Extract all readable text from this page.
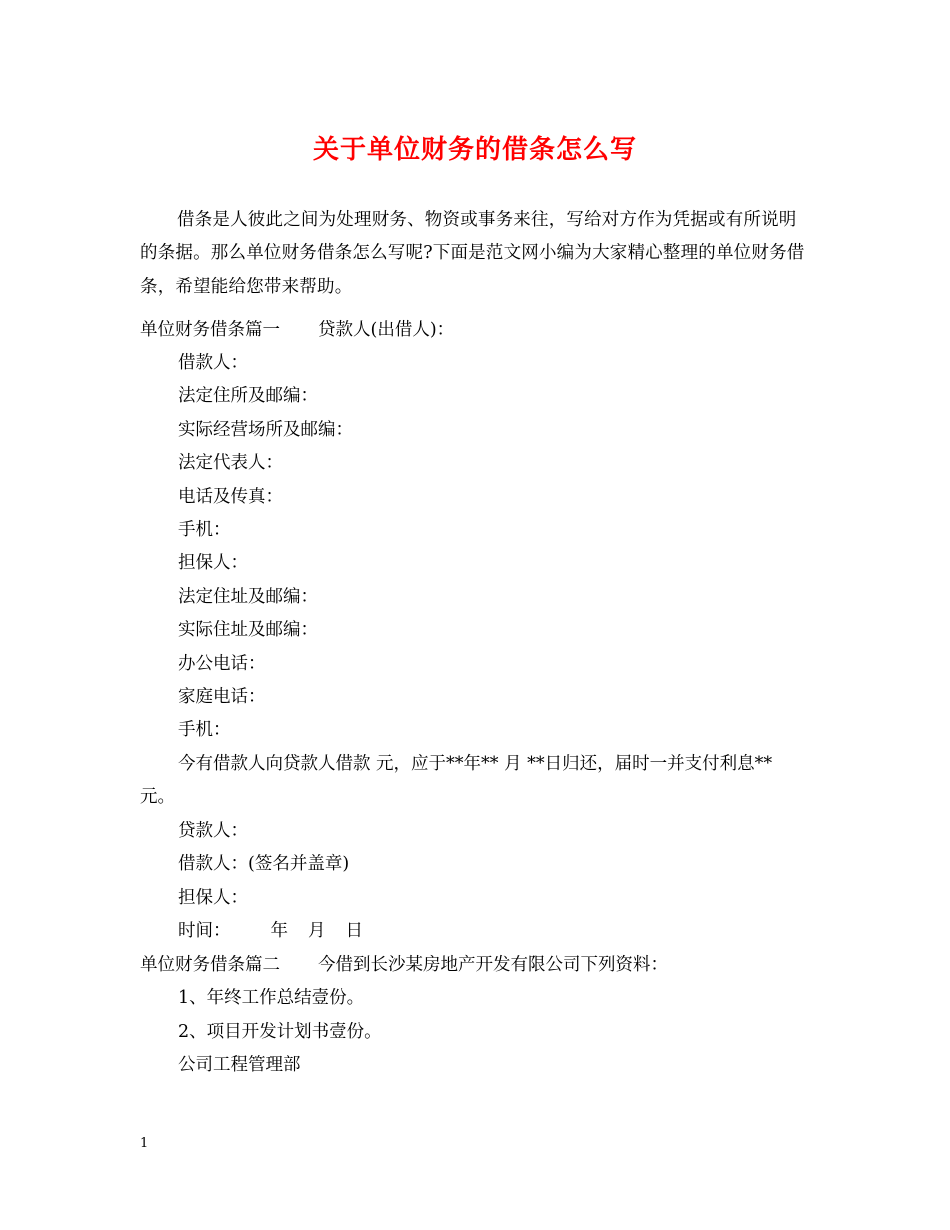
关于单位财务的借条怎么写

借条是人彼此之间为处理财务、物资或事务来往，写给对方作为凭据或有所说明的条据。那么单位财务借条怎么写呢?下面是范文网小编为大家精心整理的单位财务借条，希望能给您带来帮助。

单位财务借条篇一 贷款人(出借人)：
借款人：
法定住所及邮编：
实际经营场所及邮编：
法定代表人：
电话及传真：
手机：
担保人：
法定住址及邮编：
实际住址及邮编：
办公电话：
家庭电话：
手机：

今有借款人向贷款人借款 元，应于**年** 月 **日归还，届时一并支付利息** 元。

贷款人：
借款人：(签名并盖章)
担保人：
时间： 年 月 日
单位财务借条篇二 今借到长沙某房地产开发有限公司下列资料：
1、年终工作总结壹份。
2、项目开发计划书壹份。
公司工程管理部
1
